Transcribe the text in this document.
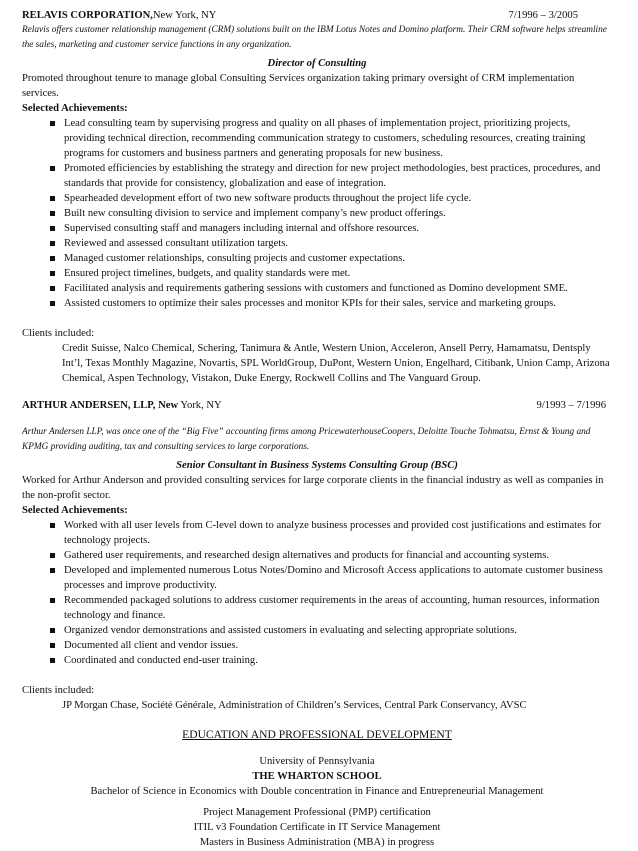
RELAVIS CORPORATION,New York, NY	7/1996 – 3/2005
Relavis offers customer relationship management (CRM) solutions built on the IBM Lotus Notes and Domino platform. Their CRM software helps streamline the sales, marketing and customer service functions in any organization.
Director of Consulting
Promoted throughout tenure to manage global Consulting Services organization taking primary oversight of CRM implementation services.
Selected Achievements:
Lead consulting team by supervising progress and quality on all phases of implementation project, prioritizing projects, providing technical direction, recommending communication strategy to customers, scheduling resources, creating training programs for customers and business partners and generating proposals for new business.
Promoted efficiencies by establishing the strategy and direction for new project methodologies, best practices, procedures, and standards that provide for consistency, globalization and ease of integration.
Spearheaded development effort of two new software products throughout the project life cycle.
Built new consulting division to service and implement company’s new product offerings.
Supervised consulting staff and managers including internal and offshore resources.
Reviewed and assessed consultant utilization targets.
Managed customer relationships, consulting projects and customer expectations.
Ensured project timelines, budgets, and quality standards were met.
Facilitated analysis and requirements gathering sessions with customers and functioned as Domino development SME.
Assisted customers to optimize their sales processes and monitor KPIs for their sales, service and marketing groups.
Clients included:
Credit Suisse, Nalco Chemical, Schering, Tanimura & Antle, Western Union, Acceleron, Ansell Perry, Hamamatsu, Dentsply Int’l, Texas Monthly Magazine, Novartis, SPL WorldGroup, DuPont, Western Union, Engelhard, Citibank, Union Camp, Arizona Chemical, Aspen Technology, Vistakon, Duke Energy, Rockwell Collins and The Vanguard Group.
ARTHUR ANDERSEN, LLP, New York, NY	9/1993 – 7/1996
Arthur Andersen LLP, was once one of the “Big Five” accounting firms among PricewaterhouseCoopers, Deloitte Touche Tohmatsu, Ernst & Young and KPMG providing auditing, tax and consulting services to large corporations.
Senior Consultant in Business Systems Consulting Group (BSC)
Worked for Arthur Anderson and provided consulting services for large corporate clients in the financial industry as well as companies in the non-profit sector.
Selected Achievements:
Worked with all user levels from C-level down to analyze business processes and provided cost justifications and estimates for technology projects.
Gathered user requirements, and researched design alternatives and products for financial and accounting systems.
Developed and implemented numerous Lotus Notes/Domino and Microsoft Access applications to automate customer business processes and improve productivity.
Recommended packaged solutions to address customer requirements in the areas of accounting, human resources, information technology and finance.
Organized vendor demonstrations and assisted customers in evaluating and selecting appropriate solutions.
Documented all client and vendor issues.
Coordinated and conducted end-user training.
Clients included:
JP Morgan Chase, Société Générale, Administration of Children’s Services, Central Park Conservancy, AVSC
EDUCATION AND PROFESSIONAL DEVELOPMENT
University of Pennsylvania
THE WHARTON SCHOOL
Bachelor of Science in Economics with Double concentration in Finance and Entrepreneurial Management
Project Management Professional (PMP) certification
ITIL v3 Foundation Certificate in IT Service Management
Masters in Business Administration (MBA) in progress
